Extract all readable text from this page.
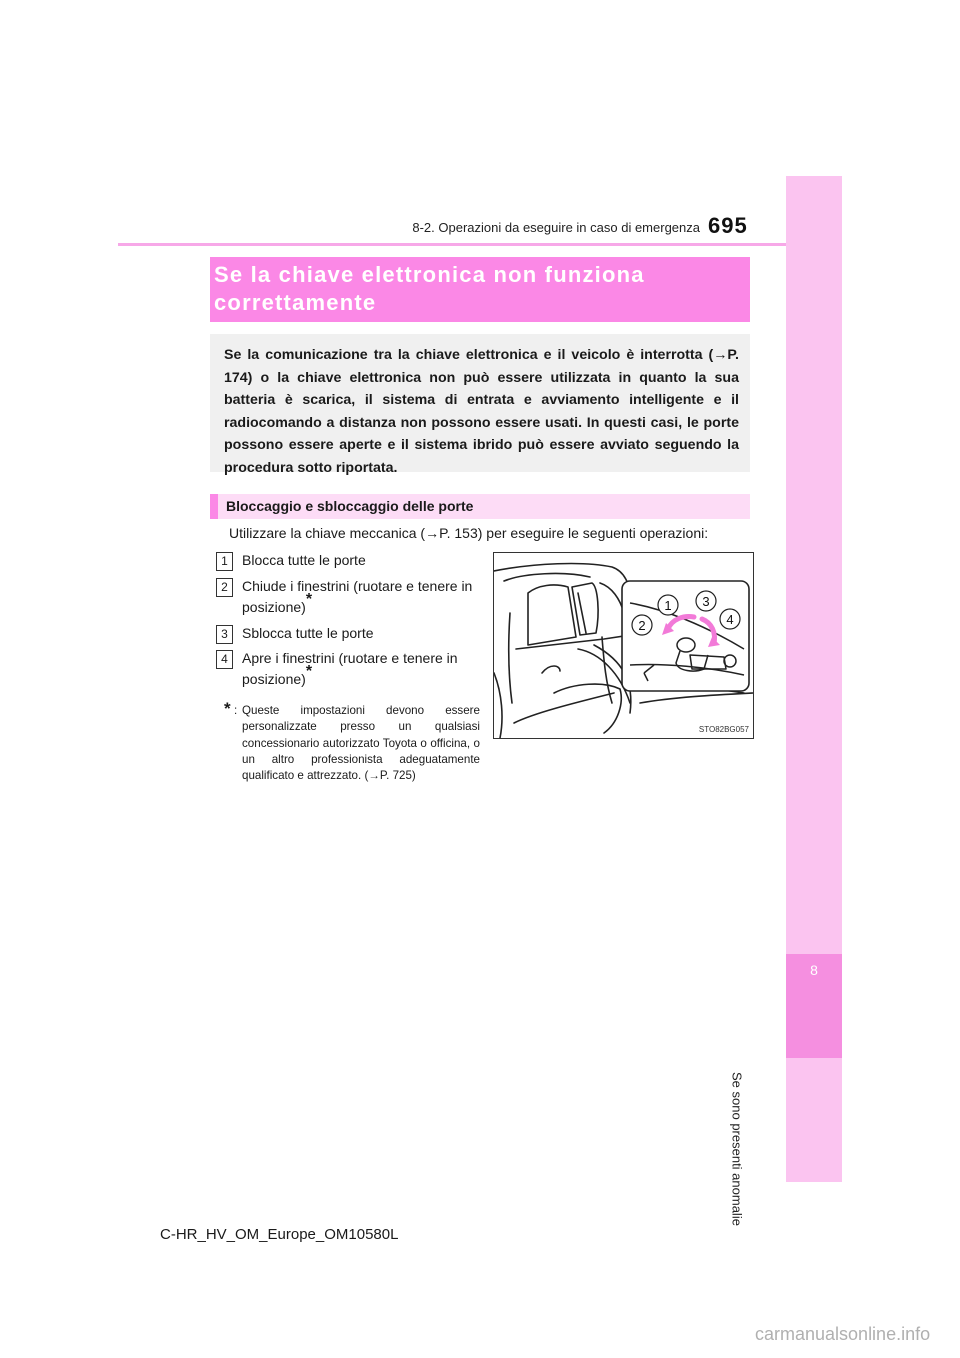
8
Se sono presenti anomalie
8-2. Operazioni da eseguire in caso di emergenza 695
Se la chiave elettronica non funziona
correttamente

Se la comunicazione tra la chiave elettronica e il veicolo è interrotta (→P. 174) o la chiave elettronica non può essere utilizzata in quanto la sua batteria è scarica, il sistema di entrata e avviamento intelligente e il radiocomando a distanza non possono essere usati. In questi casi, le porte possono essere aperte e il sistema ibrido può essere avviato seguendo la procedura sotto riportata.

Bloccaggio e sbloccaggio delle porte
Utilizzare la chiave meccanica (→P. 153) per eseguire le seguenti operazioni:
1	Blocca tutte le porte
2	Chiude i finestrini (ruotare e tenere in posizione)*
3	Sblocca tutte le porte
4	Apre i finestrini (ruotare e tenere in posizione)*
* : Queste impostazioni devono essere personalizzate presso un qualsiasi concessionario autorizzato Toyota o officina, o un altro professionista adeguatamente qualificato e attrezzato. (→P. 725)
1
2
3
4
STO82BG057
C-HR_HV_OM_Europe_OM10580L
carmanualsonline.info
